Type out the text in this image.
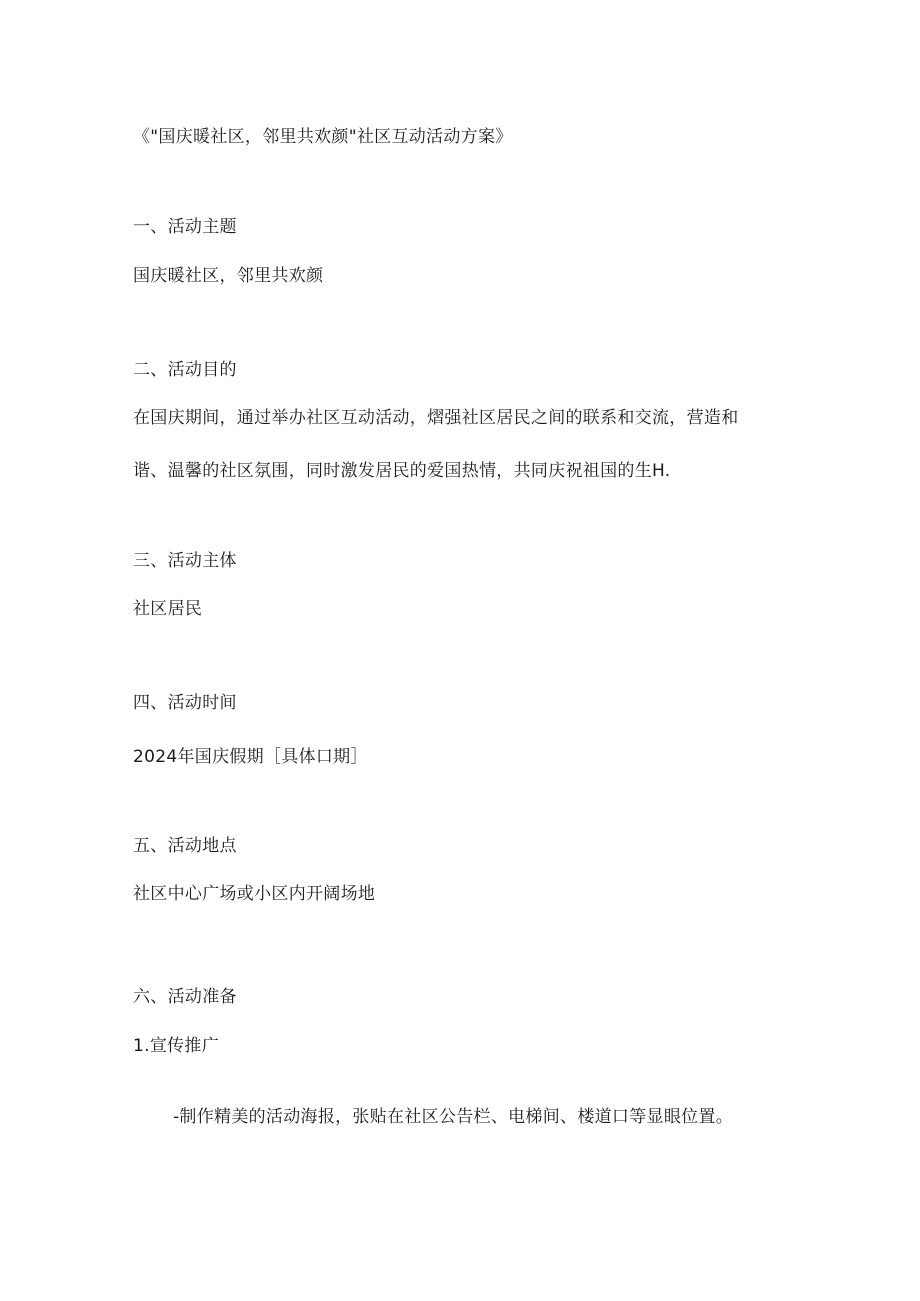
《"国庆暖社区，邻里共欢颜"社区互动活动方案》
一、活动主题
国庆暖社区，邻里共欢颜
二、活动目的
在国庆期间，通过举办社区互动活动，熠强社区居民之间的联系和交流，营造和
谐、温馨的社区氛围，同时激发居民的爱国热情，共同庆祝祖国的生H.
三、活动主体
社区居民
四、活动时间
2024年国庆假期［具体口期］
五、活动地点
社区中心广场或小区内开阔场地
六、活动准备
1.宣传推广
-制作精美的活动海报，张贴在社区公告栏、电梯间、楼道口等显眼位置。
